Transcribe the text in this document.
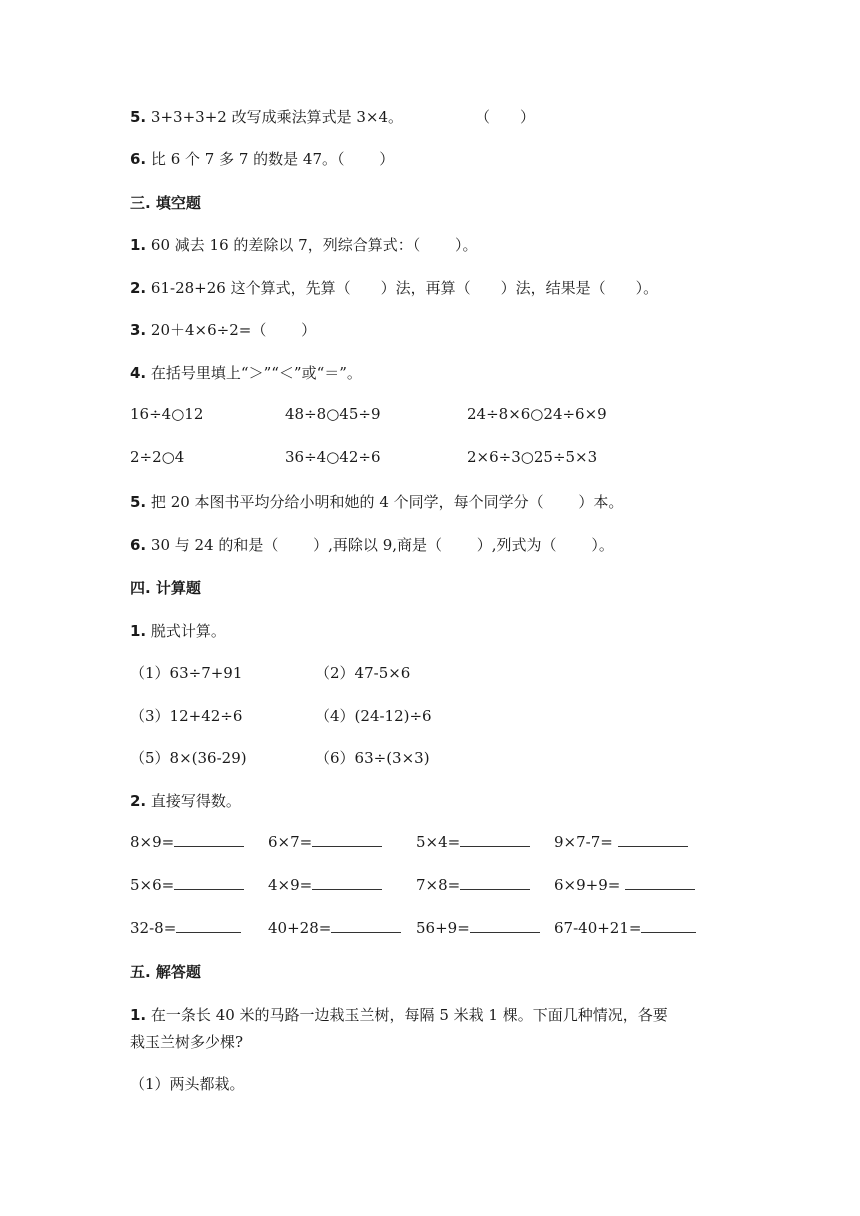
5. 3+3+3+2 改写成乘法算式是 3×4。	（　　）
6. 比 6 个 7 多 7 的数是 47。（　　 ）
三. 填空题
1. 60 减去 16 的差除以 7，列综合算式：（　　 ）。
2. 61-28+26 这个算式，先算（　　）法，再算（　　）法，结果是（　　）。
3. 20＋4×6÷2=（　　 ）
4. 在括号里填上“＞”“＜”或“＝”。
16÷4○12	48÷8○45÷9	24÷8×6○24÷6×9
2÷2○4	36÷4○42÷6	2×6÷3○25÷5×3
5. 把 20 本图书平均分给小明和她的 4 个同学，每个同学分（　　 ）本。
6. 30 与 24 的和是（　　 ）,再除以 9,商是（　　 ）,列式为（　　 ）。
四. 计算题
1. 脱式计算。
（1）63÷7+91	（2）47-5×6
（3）12+42÷6	（4）(24-12)÷6
（5）8×(36-29)	（6）63÷(3×3)
2. 直接写得数。
8×9=	6×7=	5×4=	9×7-7=
5×6=	4×9=	7×8=	6×9+9=
32-8=	40+28=	56+9=	67-40+21=
五. 解答题
1. 在一条长 40 米的马路一边栽玉兰树，每隔 5 米栽 1 棵。下面几种情况，各要
栽玉兰树多少棵?
（1）两头都栽。
